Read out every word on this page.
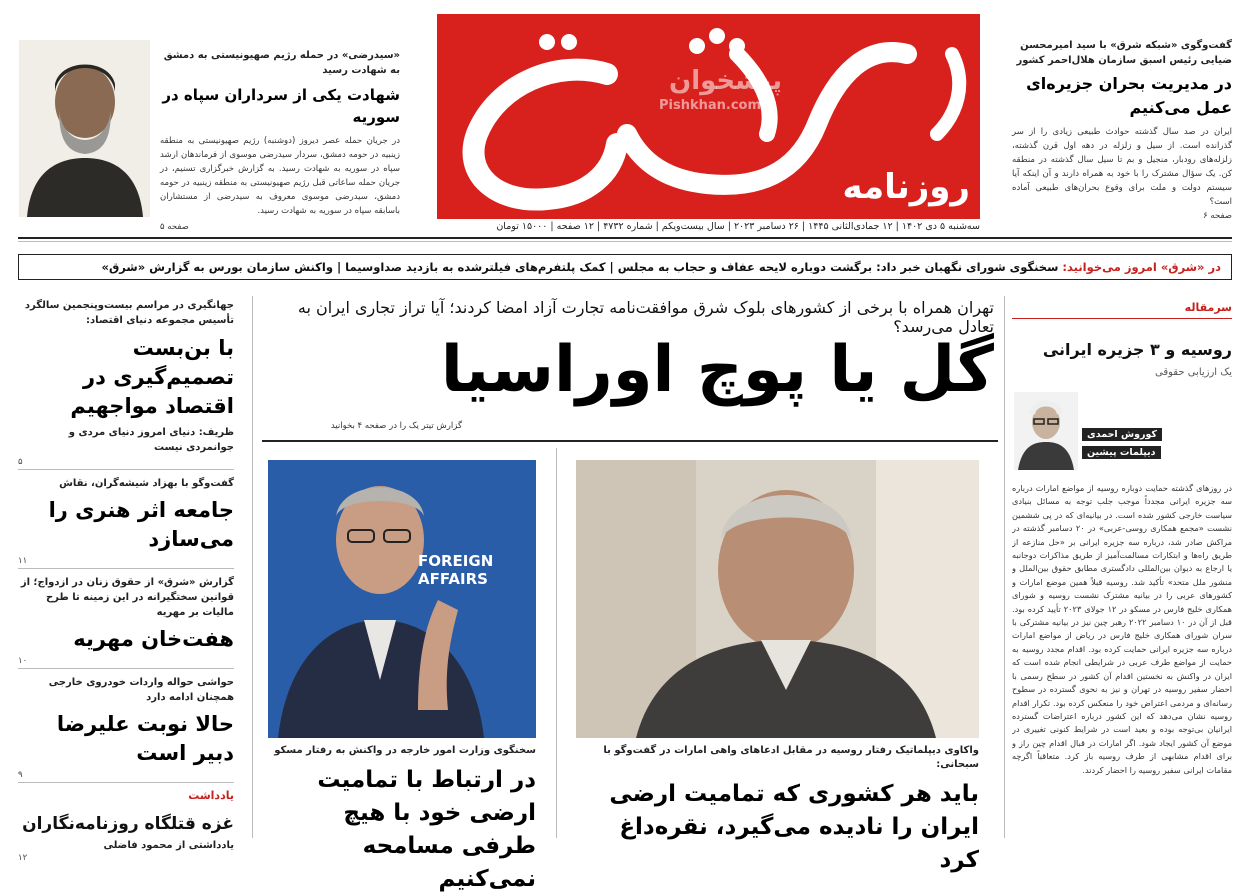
روزنامه
پیشخوان
Pishkhan.com
سه‌شنبه ۵ دی ۱۴۰۲ | ۱۲ جمادی‌الثانی ۱۴۴۵ | ۲۶ دسامبر ۲۰۲۳ | سال بیست‌ویکم | شماره ۴۷۳۲ | ۱۲ صفحه | ۱۵۰۰۰ تومان
گفت‌وگوی «شبکه شرق» با سید امیرمحسن ضیایی رئیس اسبق سازمان هلال‌احمر کشور
در مدیریت بحران جزیره‌ای عمل می‌کنیم
ایران در صد سال گذشته حوادث طبیعی زیادی را از سر گذرانده است. از سیل و زلزله در دهه اول قرن گذشته، زلزله‌های رودبار، منجیل و بم تا سیل سال گذشته در منطقه کن. یک سؤال مشترک را با خود به همراه دارند و آن اینکه آیا سیستم دولت و ملت برای وقوع بحران‌های طبیعی آماده است؟
صفحه ۶
«سیدرضی» در حمله رژیم صهیونیستی به دمشق به شهادت رسید
شهادت یکی از سرداران سپاه در سوریه
در جریان حمله عصر دیروز (دوشنبه) رژیم صهیونیستی به منطقه زینبیه در حومه دمشق، سردار سیدرضی موسوی از فرماندهان ارشد سپاه در سوریه به شهادت رسید. به گزارش خبرگزاری تسنیم، در جریان حمله ساعاتی قبل رژیم صهیونیستی به منطقه زینبیه در حومه دمشق، سیدرضی موسوی معروف به سیدرضی از مستشاران باسابقه سپاه در سوریه به شهادت رسید.
صفحه ۵
در «شرق» امروز می‌خوانید: سخنگوی شورای نگهبان خبر داد: برگشت دوباره لایحه عفاف و حجاب به مجلس | کمک پلتفرم‌های فیلترشده به بازدید صداوسیما | واکنش سازمان بورس به گزارش «شرق»
سرمقاله
روسیه و ۳ جزیره ایرانی
یک ارزیابی حقوقی
کوروش احمدی
دیپلمات پیشین
در روزهای گذشته حمایت دوباره روسیه از مواضع امارات درباره سه جزیره ایرانی مجدداً موجب جلب توجه به مسائل بنیادی سیاست خارجی کشور شده است. در بیانیه‌ای که در پی ششمین نشست «مجمع همکاری روسی-عربی» در ۲۰ دسامبر گذشته در مراکش صادر شد، درباره سه جزیره ایرانی بر «حل منازعه از طریق راه‌ها و ابتکارات مسالمت‌آمیز از طریق مذاکرات دوجانبه یا ارجاع به دیوان بین‌المللی دادگستری مطابق حقوق بین‌الملل و منشور ملل متحد» تأکید شد. روسیه قبلاً همین موضع امارات و کشورهای عربی را در بیانیه مشترک نشست روسیه و شورای همکاری خلیج فارس در مسکو در ۱۲ جولای ۲۰۲۳ تأیید کرده بود. قبل از آن در ۱۰ دسامبر ۲۰۲۲ رهبر چین نیز در بیانیه مشترکی با سران شورای همکاری خلیج فارس در ریاض از مواضع امارات درباره سه جزیره ایرانی حمایت کرده بود. اقدام مجدد روسیه به حمایت از مواضع طرف عربی در شرایطی انجام شده است که ایران در واکنش به نخستین اقدام آن کشور در سطح رسمی با احضار سفیر روسیه در تهران و نیز به نحوی گسترده در سطوح رسانه‌ای و مردمی اعتراض خود را منعکس کرده بود. تکرار اقدام روسیه نشان می‌دهد که این کشور درباره اعتراضات گسترده ایرانیان بی‌توجه بوده و بعید است در شرایط کنونی تغییری در موضع آن کشور ایجاد شود. اگر امارات در قبال اقدام چین راز و برای اقدام مشابهی از طرف روسیه باز کرد. متعاقباً اگرچه مقامات ایرانی سفیر روسیه را احضار کردند.
تهران همراه با برخی از کشورهای بلوک شرق موافقت‌نامه تجارت آزاد امضا کردند؛ آیا تراز تجاری ایران به تعادل می‌رسد؟
گل یا پوچ اوراسیا
گزارش تیتر یک را در صفحه ۴ بخوانید
واکاوی دیپلماتیک رفتار روسیه در مقابل ادعاهای واهی امارات در گفت‌وگو با سبحانی:
باید هر کشوری که تمامیت ارضی ایران را نادیده می‌گیرد، نقره‌داغ کرد
FOREIGN AFFAIRS
سخنگوی وزارت امور خارجه در واکنش به رفتار مسکو
در ارتباط با تمامیت ارضی خود با هیچ طرفی مسامحه نمی‌کنیم
جهانگیری در مراسم بیست‌وپنجمین سالگرد تأسیس مجموعه دنیای اقتصاد:
با بن‌بست تصمیم‌گیری در اقتصاد مواجهیم
ظریف: دنیای امروز دنیای مردی و جوانمردی نیست
۵
گفت‌وگو با بهزاد شیشه‌گران، نقاش
جامعه اثر هنری را می‌سازد
۱۱
گزارش «شرق» از حقوق زنان در ازدواج؛ از قوانین سختگیرانه در این زمینه تا طرح مالیات بر مهریه
هفت‌خان مهریه
۱۰
حواشی حواله واردات خودروی خارجی همچنان ادامه دارد
حالا نوبت علیرضا دبیر است
۹
یادداشت
غزه قتلگاه روزنامه‌نگاران
یادداشتی از محمود فاضلی
۱۲
